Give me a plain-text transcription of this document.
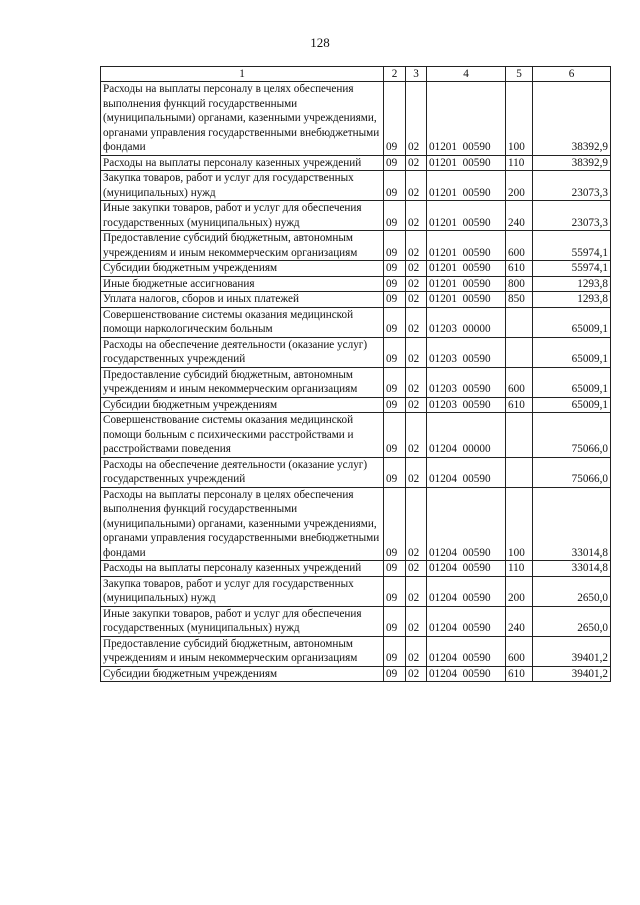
128
1	2	3	4	5	6
Расходы на выплаты персоналу в целях обеспечения выполнения функций государственными (муниципальными) органами, казенными учреждениями, органами управления государственными внебюджетными фондами	09	02	01201  00590	100	38392,9
Расходы на выплаты персоналу казенных учреждений	09	02	01201  00590	110	38392,9
Закупка товаров, работ и услуг для государственных (муниципальных) нужд	09	02	01201  00590	200	23073,3
Иные закупки товаров, работ и услуг для обеспечения государственных (муниципальных) нужд	09	02	01201  00590	240	23073,3
Предоставление субсидий бюджетным, автономным учреждениям и иным некоммерческим организациям	09	02	01201  00590	600	55974,1
Субсидии бюджетным учреждениям	09	02	01201  00590	610	55974,1
Иные бюджетные ассигнования	09	02	01201  00590	800	1293,8
Уплата налогов, сборов и иных платежей	09	02	01201  00590	850	1293,8
Совершенствование системы оказания медицинской помощи наркологическим больным	09	02	01203  00000		65009,1
Расходы на обеспечение деятельности (оказание услуг) государственных учреждений	09	02	01203  00590		65009,1
Предоставление субсидий бюджетным, автономным учреждениям и иным некоммерческим организациям	09	02	01203  00590	600	65009,1
Субсидии бюджетным учреждениям	09	02	01203  00590	610	65009,1
Совершенствование системы оказания медицинской помощи больным с психическими расстройствами и расстройствами поведения	09	02	01204  00000		75066,0
Расходы на обеспечение деятельности (оказание услуг) государственных учреждений	09	02	01204  00590		75066,0
Расходы на выплаты персоналу в целях обеспечения выполнения функций государственными (муниципальными) органами, казенными учреждениями, органами управления государственными внебюджетными фондами	09	02	01204  00590	100	33014,8
Расходы на выплаты персоналу казенных учреждений	09	02	01204  00590	110	33014,8
Закупка товаров, работ и услуг для государственных (муниципальных) нужд	09	02	01204  00590	200	2650,0
Иные закупки товаров, работ и услуг для обеспечения государственных (муниципальных) нужд	09	02	01204  00590	240	2650,0
Предоставление субсидий бюджетным, автономным учреждениям и иным некоммерческим организациям	09	02	01204  00590	600	39401,2
Субсидии бюджетным учреждениям	09	02	01204  00590	610	39401,2
